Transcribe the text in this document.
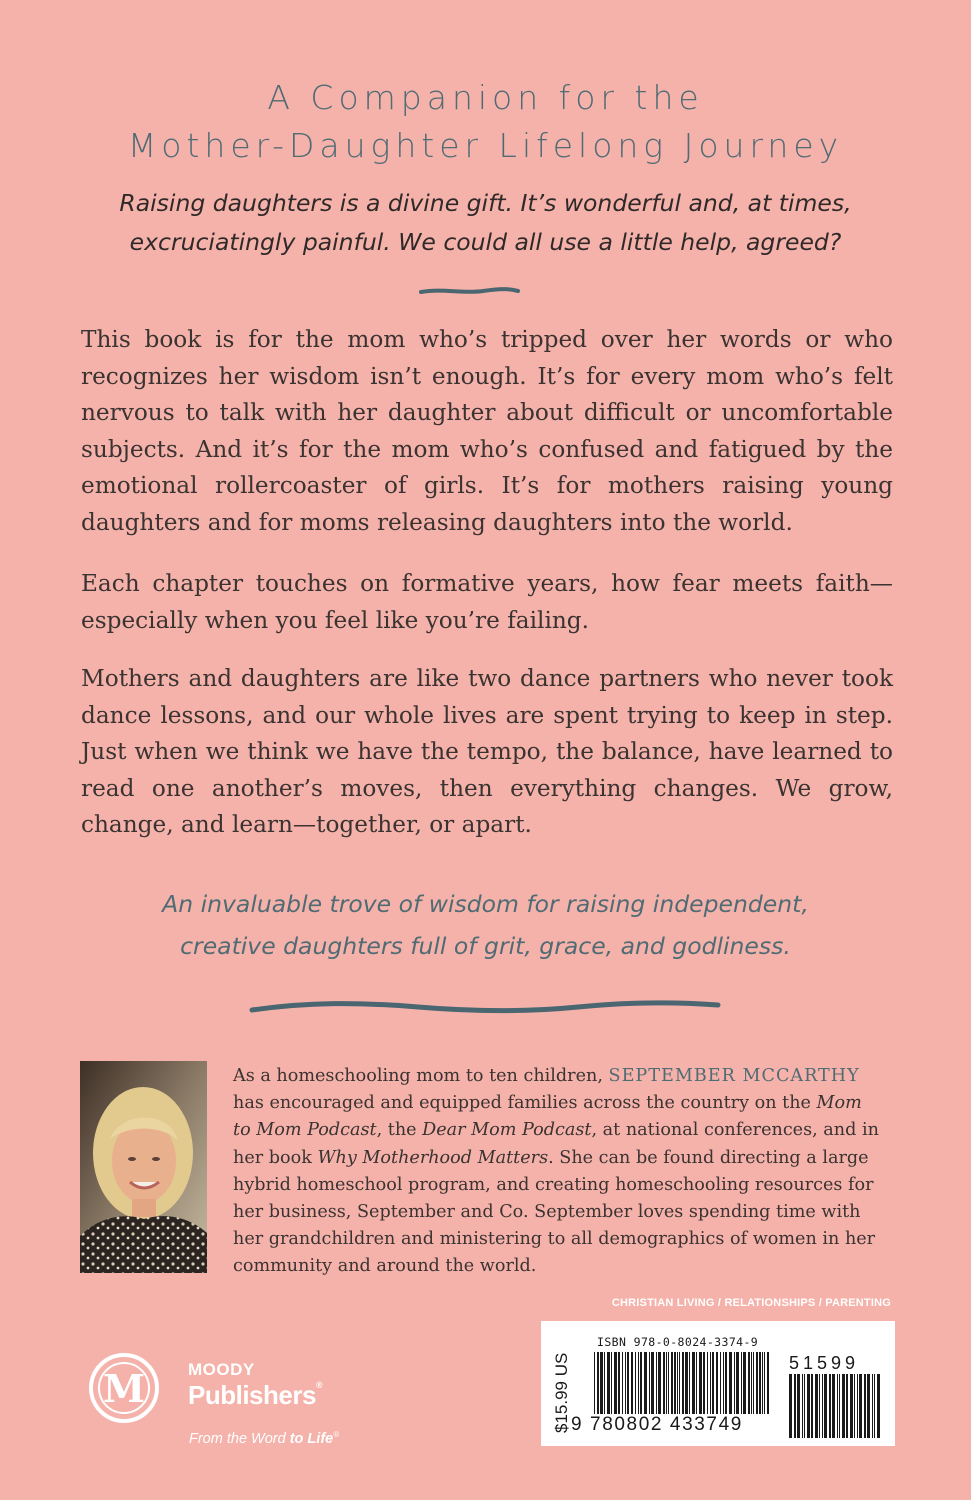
A Companion for the
Mother-Daughter Lifelong Journey
Raising daughters is a divine gift. It’s wonderful and, at times,
excruciatingly painful. We could all use a little help, agreed?
This book is for the mom who’s tripped over her words or who recognizes her wisdom isn’t enough. It’s for every mom who’s felt nervous to talk with her daughter about difficult or uncomfortable subjects. And it’s for the mom who’s confused and fatigued by the emotional rollercoaster of girls. It’s for mothers raising young daughters and for moms releasing daughters into the world.
Each chapter touches on formative years, how fear meets faith—especially when you feel like you’re failing.
Mothers and daughters are like two dance partners who never took dance lessons, and our whole lives are spent trying to keep in step. Just when we think we have the tempo, the balance, have learned to read one another’s moves, then everything changes. We grow, change, and learn—together, or apart.
An invaluable trove of wisdom for raising independent,
creative daughters full of grit, grace, and godliness.
As a homeschooling mom to ten children, SEPTEMBER MCCARTHY
has encouraged and equipped families across the country on the Mom
to Mom Podcast, the Dear Mom Podcast, at national conferences, and in
her book Why Motherhood Matters. She can be found directing a large
hybrid homeschool program, and creating homeschooling resources for
her business, September and Co. September loves spending time with
her grandchildren and ministering to all demographics of women in her
community and around the world.
CHRISTIAN LIVING / RELATIONSHIPS / PARENTING
M	MOODY
Publishers®
From the Word to Life®
$15.99 US
ISBN 978-0-8024-3374-9
9 780802 433749
51599
